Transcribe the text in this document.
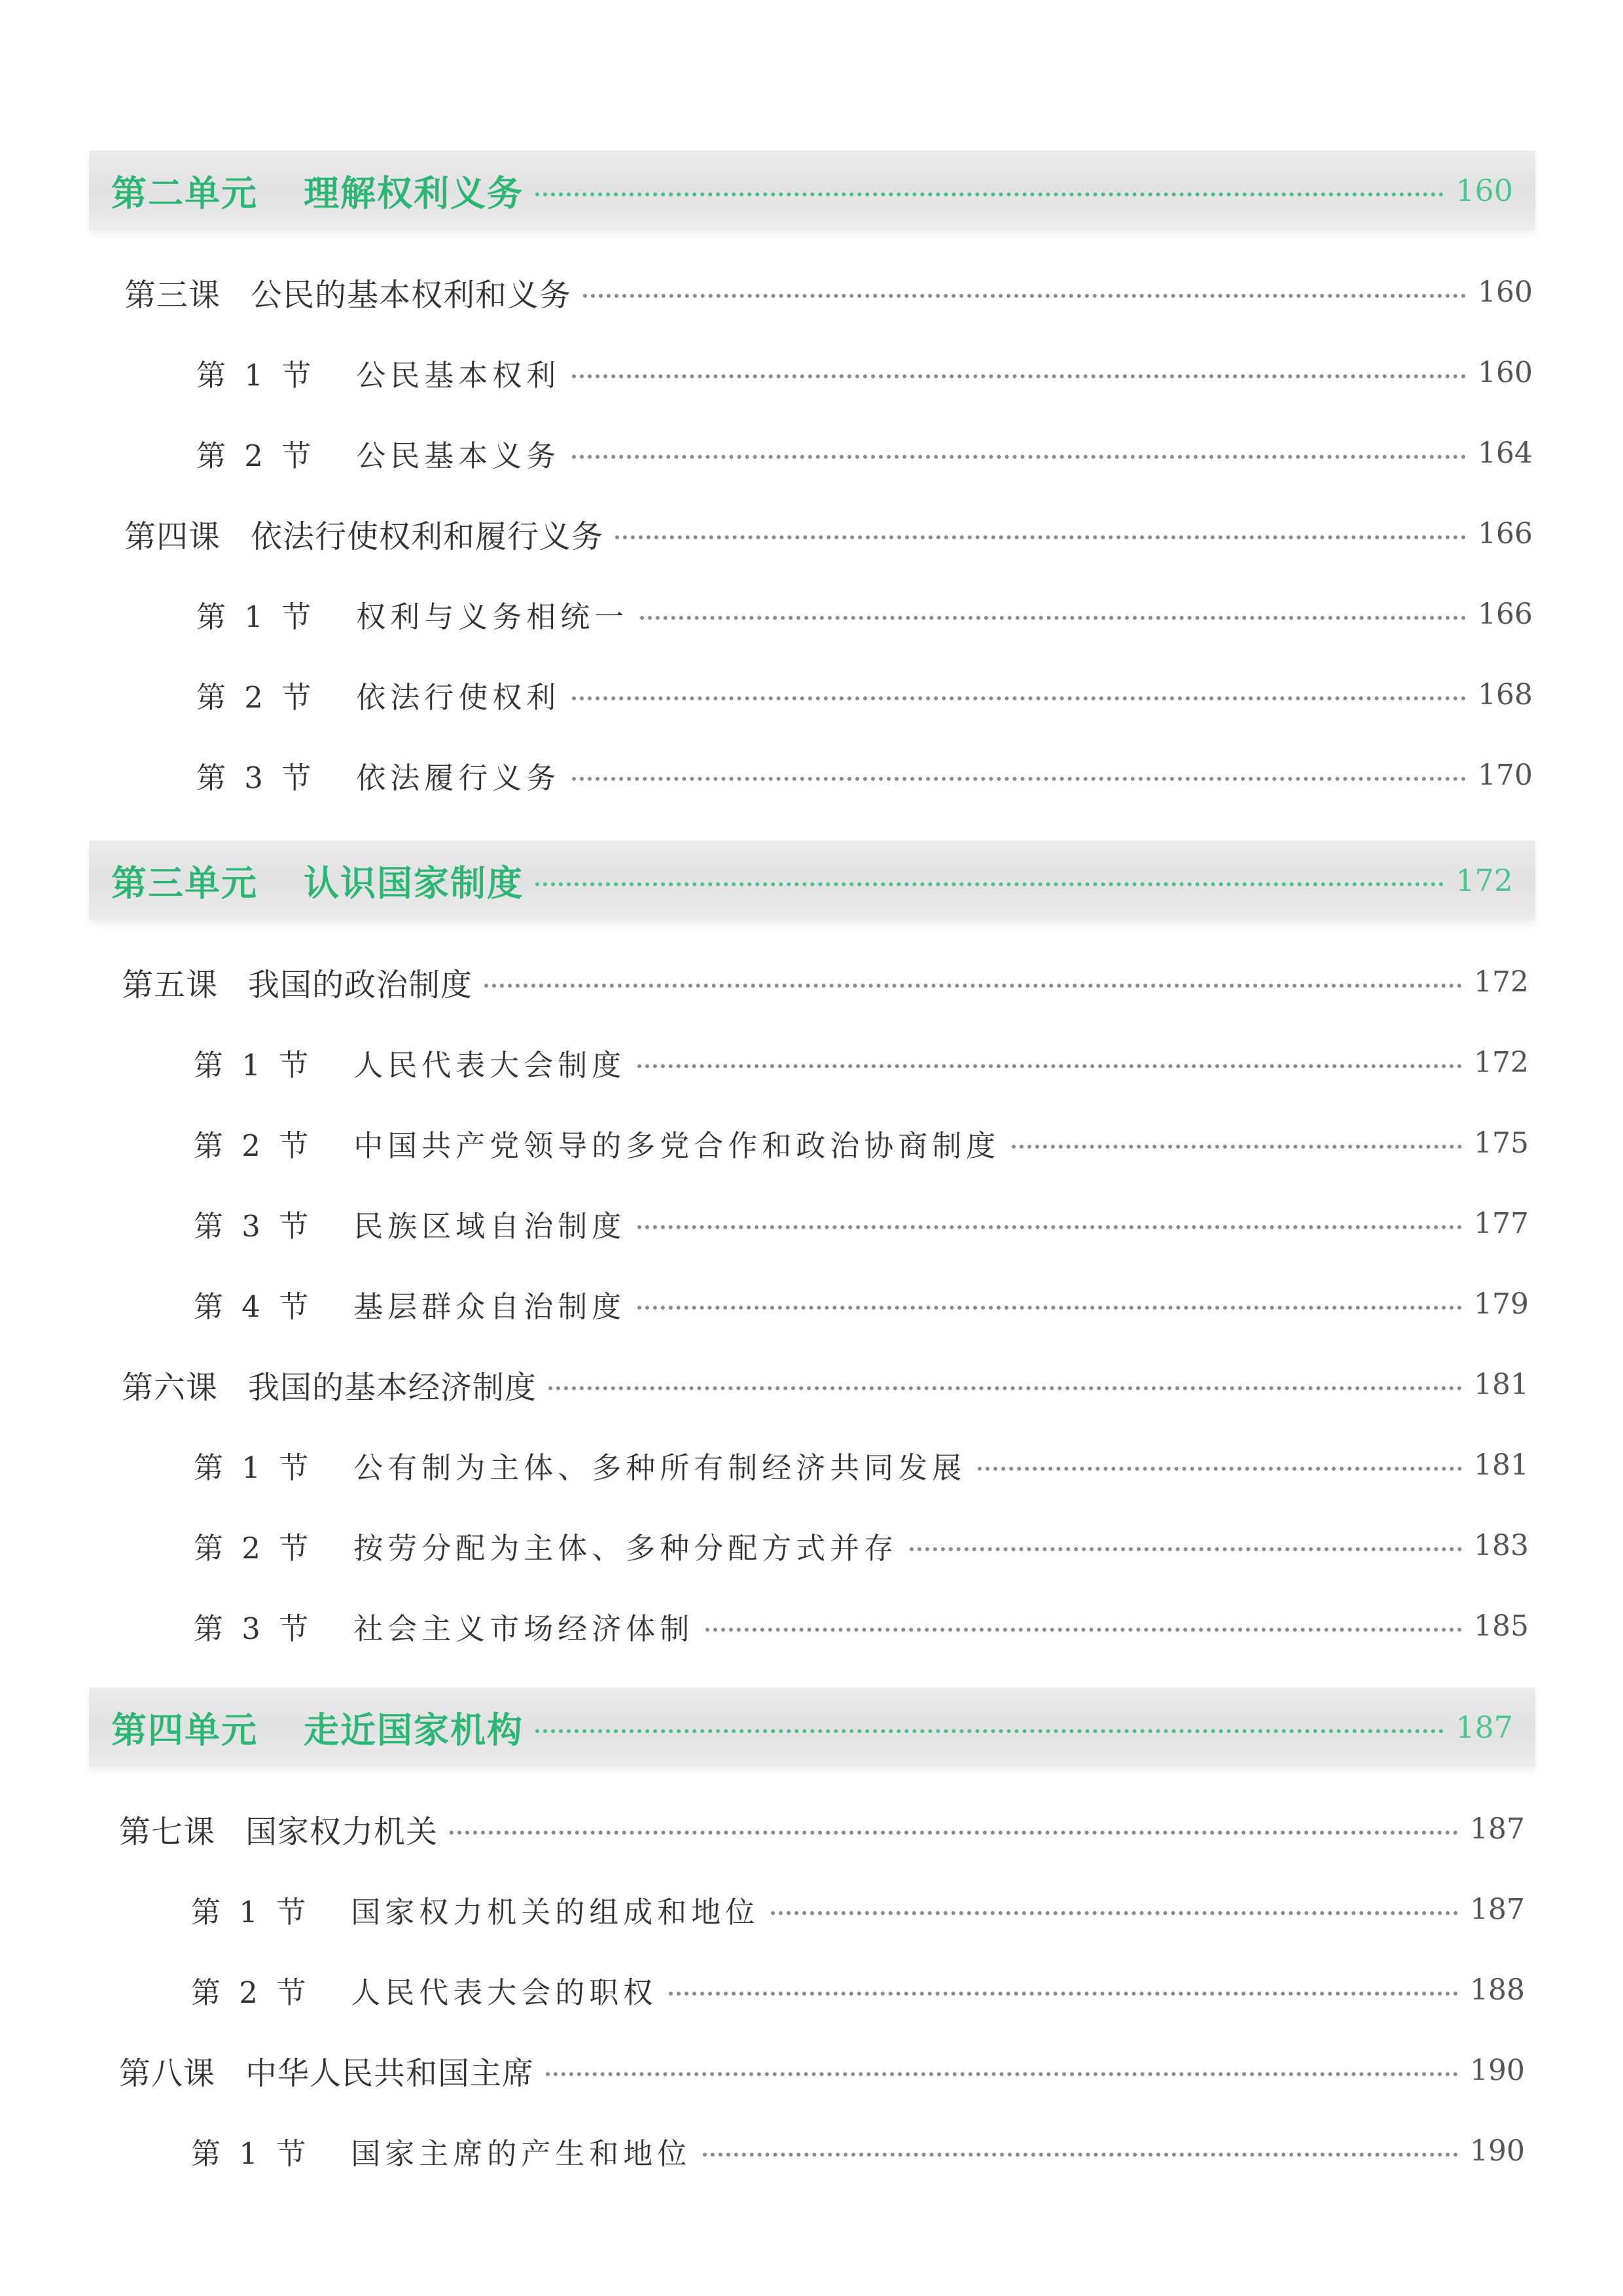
第二单元 理解权利义务	160
第三课 公民的基本权利和义务	160
第 1 节 公民基本权利	160
第 2 节 公民基本义务	164
第四课 依法行使权利和履行义务	166
第 1 节 权利与义务相统一	166
第 2 节 依法行使权利	168
第 3 节 依法履行义务	170
第三单元 认识国家制度	172
第五课 我国的政治制度	172
第 1 节 人民代表大会制度	172
第 2 节 中国共产党领导的多党合作和政治协商制度	175
第 3 节 民族区域自治制度	177
第 4 节 基层群众自治制度	179
第六课 我国的基本经济制度	181
第 1 节 公有制为主体、多种所有制经济共同发展	181
第 2 节 按劳分配为主体、多种分配方式并存	183
第 3 节 社会主义市场经济体制	185
第四单元 走近国家机构	187
第七课 国家权力机关	187
第 1 节 国家权力机关的组成和地位	187
第 2 节 人民代表大会的职权	188
第八课 中华人民共和国主席	190
第 1 节 国家主席的产生和地位	190
